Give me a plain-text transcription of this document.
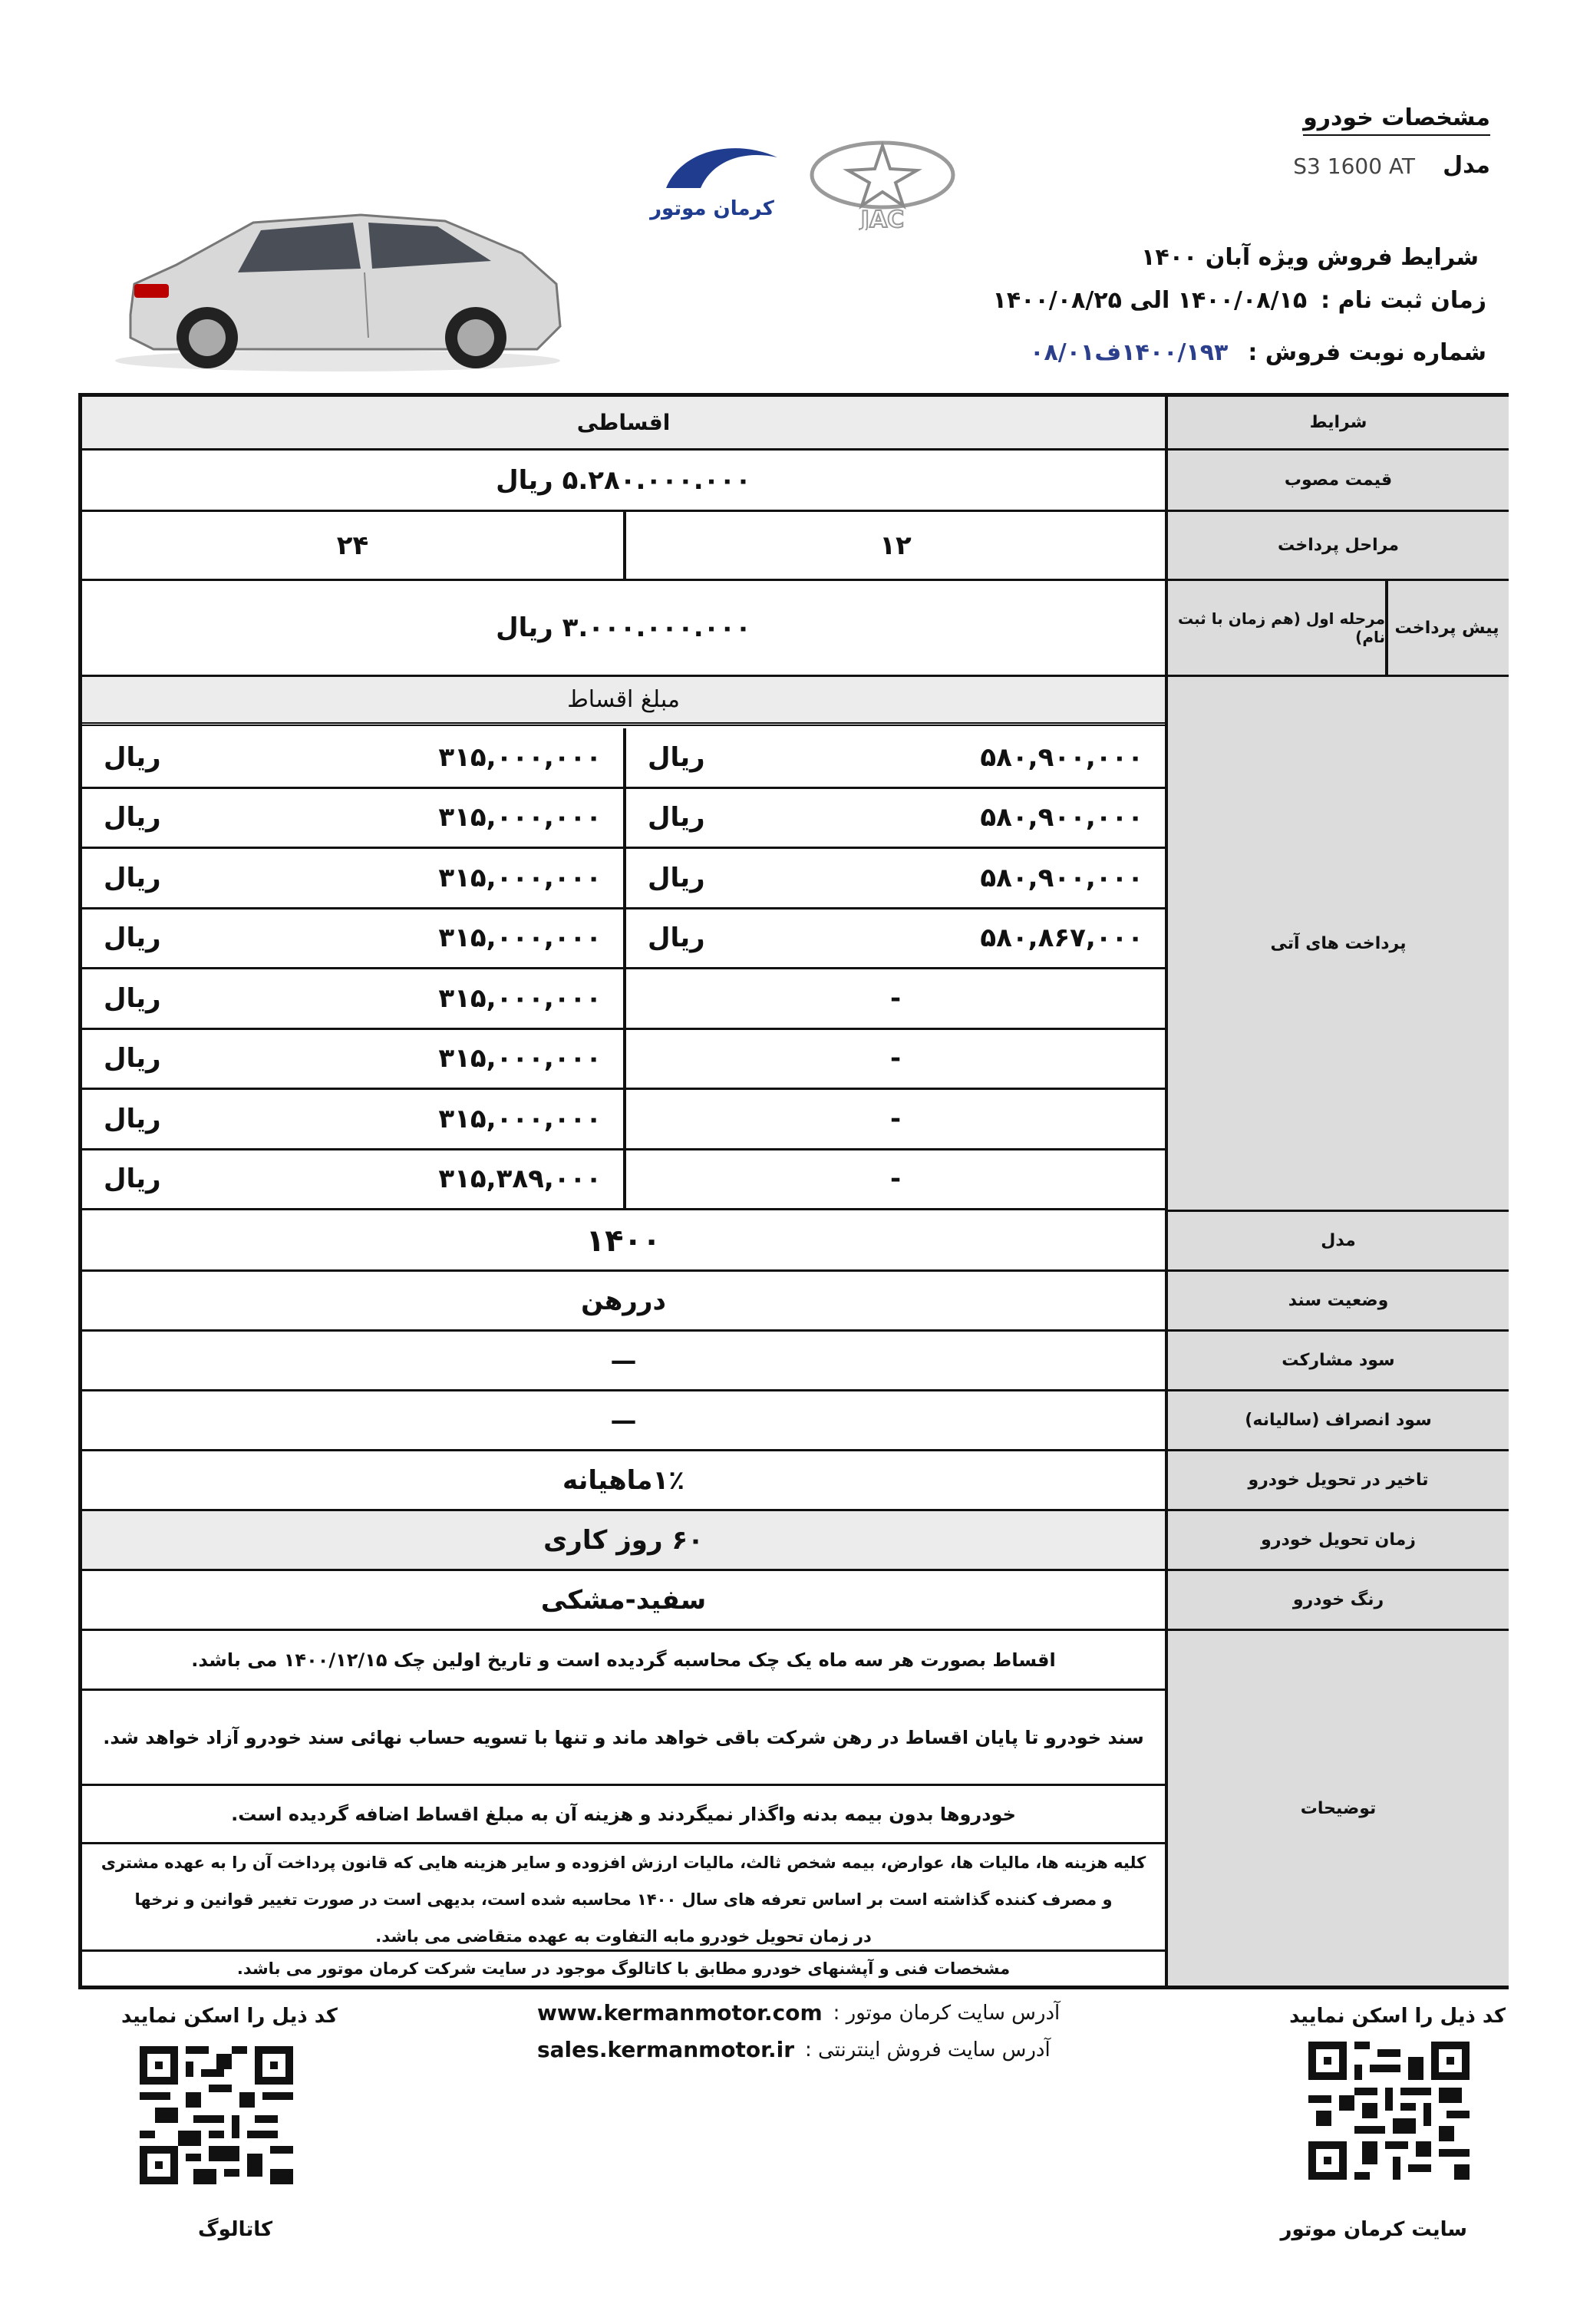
مشخصات خودرو
مدل
S3 1600 AT
شرایط فروش ویژه آبان ۱۴۰۰
زمان ثبت نام :
۱۴۰۰/۰۸/۱۵ الی ۱۴۰۰/۰۸/۲۵
شماره نوبت فروش :
۱۴۰۰/۱۹۳ف۰۸/۰۱
JAC
کرمان موتور
شرایط
اقساطی
قیمت مصوب
۵.۲۸۰.۰۰۰.۰۰۰ ریال
مراحل پرداخت
۱۲
۲۴
پیش پرداخت
مرحله اول (هم زمان با ثبت نام)
۳.۰۰۰.۰۰۰.۰۰۰ ریال
پرداخت های آتی
مبلغ اقساط
مدل
۱۴۰۰
وضعیت سند
دررهن
سود مشارکت
—
سود انصراف (سالیانه)
—
تاخیر در تحویل خودرو
۱٪ماهیانه
زمان تحویل خودرو
۶۰ روز کاری
رنگ خودرو
سفید-مشکی
توضیحات
اقساط بصورت هر سه ماه یک چک محاسبه گردیده است و تاریخ اولین چک ۱۴۰۰/۱۲/۱۵ می باشد.
سند خودرو تا پایان اقساط در رهن شرکت باقی خواهد ماند و تنها با تسویه حساب نهائی سند خودرو آزاد خواهد شد.
خودروها بدون بیمه بدنه واگذار نمیگردند و هزینه آن به مبلغ اقساط اضافه گردیده است.
کلیه هزینه ها، مالیات ها، عوارض، بیمه شخص ثالث، مالیات ارزش افزوده و سایر هزینه هایی که قانون پرداخت آن را به عهده مشتری
و مصرف کننده گذاشته است بر اساس تعرفه های سال ۱۴۰۰ محاسبه شده است، بدیهی است در صورت تغییر قوانین و نرخها
در زمان تحویل خودرو مابه التفاوت به عهده متقاضی می باشد.
مشخصات فنی و آپشنهای خودرو مطابق با کاتالوگ موجود در سایت شرکت کرمان موتور می باشد.
۵۸۰,۹۰۰,۰۰۰
ریال
۳۱۵,۰۰۰,۰۰۰
ریال
۵۸۰,۹۰۰,۰۰۰
ریال
۳۱۵,۰۰۰,۰۰۰
ریال
۵۸۰,۹۰۰,۰۰۰
ریال
۳۱۵,۰۰۰,۰۰۰
ریال
۵۸۰,۸۶۷,۰۰۰
ریال
۳۱۵,۰۰۰,۰۰۰
ریال
-
۳۱۵,۰۰۰,۰۰۰
ریال
-
۳۱۵,۰۰۰,۰۰۰
ریال
-
۳۱۵,۰۰۰,۰۰۰
ریال
-
۳۱۵,۳۸۹,۰۰۰
ریال
کد ذیل را اسکن نمایید
کد ذیل را اسکن نمایید	www.kermanmotor.com آدرس سایت کرمان موتور :
sales.kermanmotor.ir آدرس سایت فروش اینترنتی :
سایت کرمان موتور
کاتالوگ
